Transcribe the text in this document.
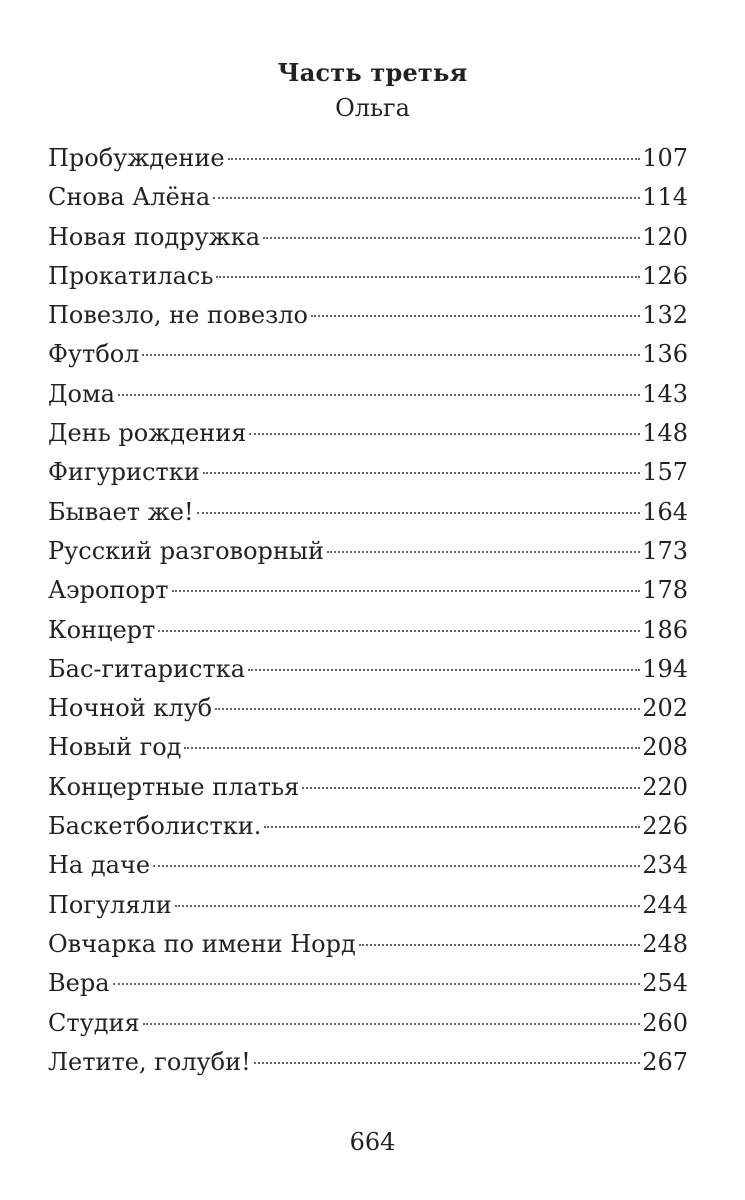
Часть третья
Ольга
Пробуждение	107
Снова Алёна	114
Новая подружка	120
Прокатилась	126
Повезло, не повезло	132
Футбол	136
Дома	143
День рождения	148
Фигуристки	157
Бывает же!	164
Русский разговорный	173
Аэропорт	178
Концерт	186
Бас-гитаристка	194
Ночной клуб	202
Новый год	208
Концертные платья	220
Баскетболистки.	226
На даче	234
Погуляли	244
Овчарка по имени Норд	248
Вера	254
Студия	260
Летите, голуби!	267
664
